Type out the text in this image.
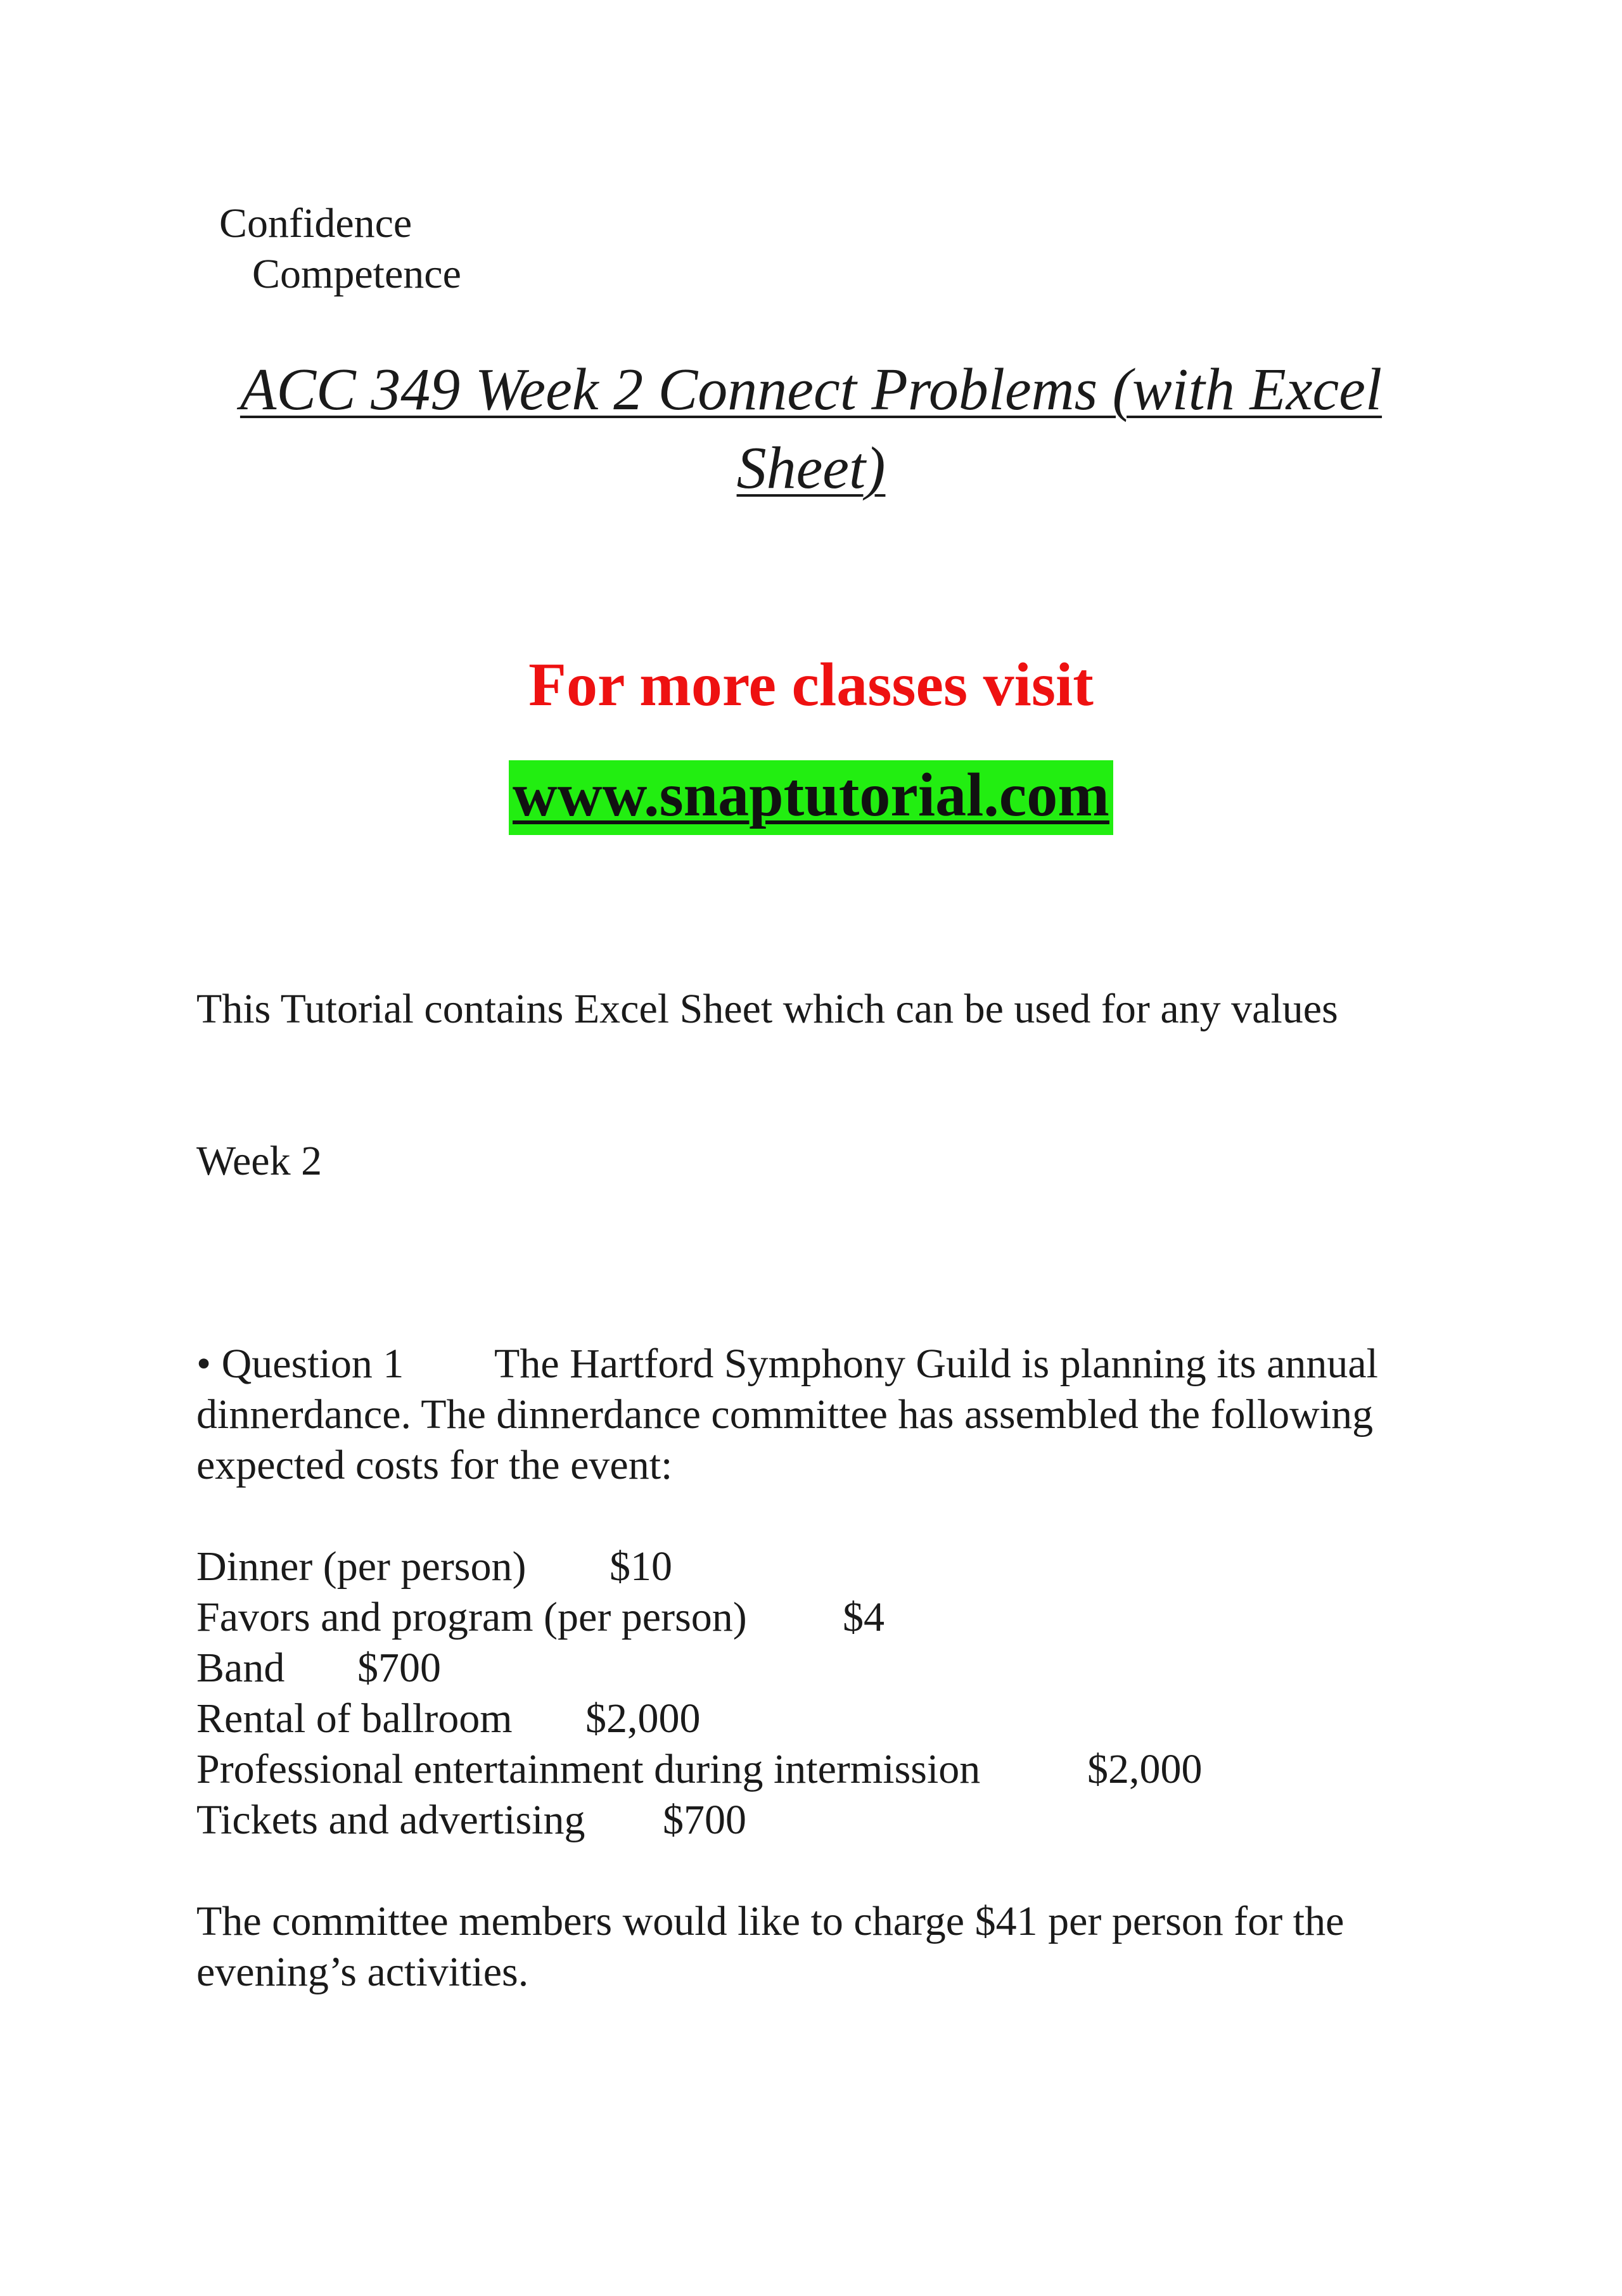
Confidence
Competence
ACC 349 Week 2 Connect Problems (with Excel
Sheet)
For more classes visit
www.snaptutorial.com
This Tutorial contains Excel Sheet which can be used for any values
Week 2
• Question 1 The Hartford Symphony Guild is planning its annual
dinnerdance. The dinnerdance committee has assembled the following
expected costs for the event:
Dinner (per person) $10
Favors and program (per person) $4
Band $700
Rental of ballroom $2,000
Professional entertainment during intermission	$2,000
Tickets and advertising $700
The committee members would like to charge $41 per person for the
evening’s activities.
